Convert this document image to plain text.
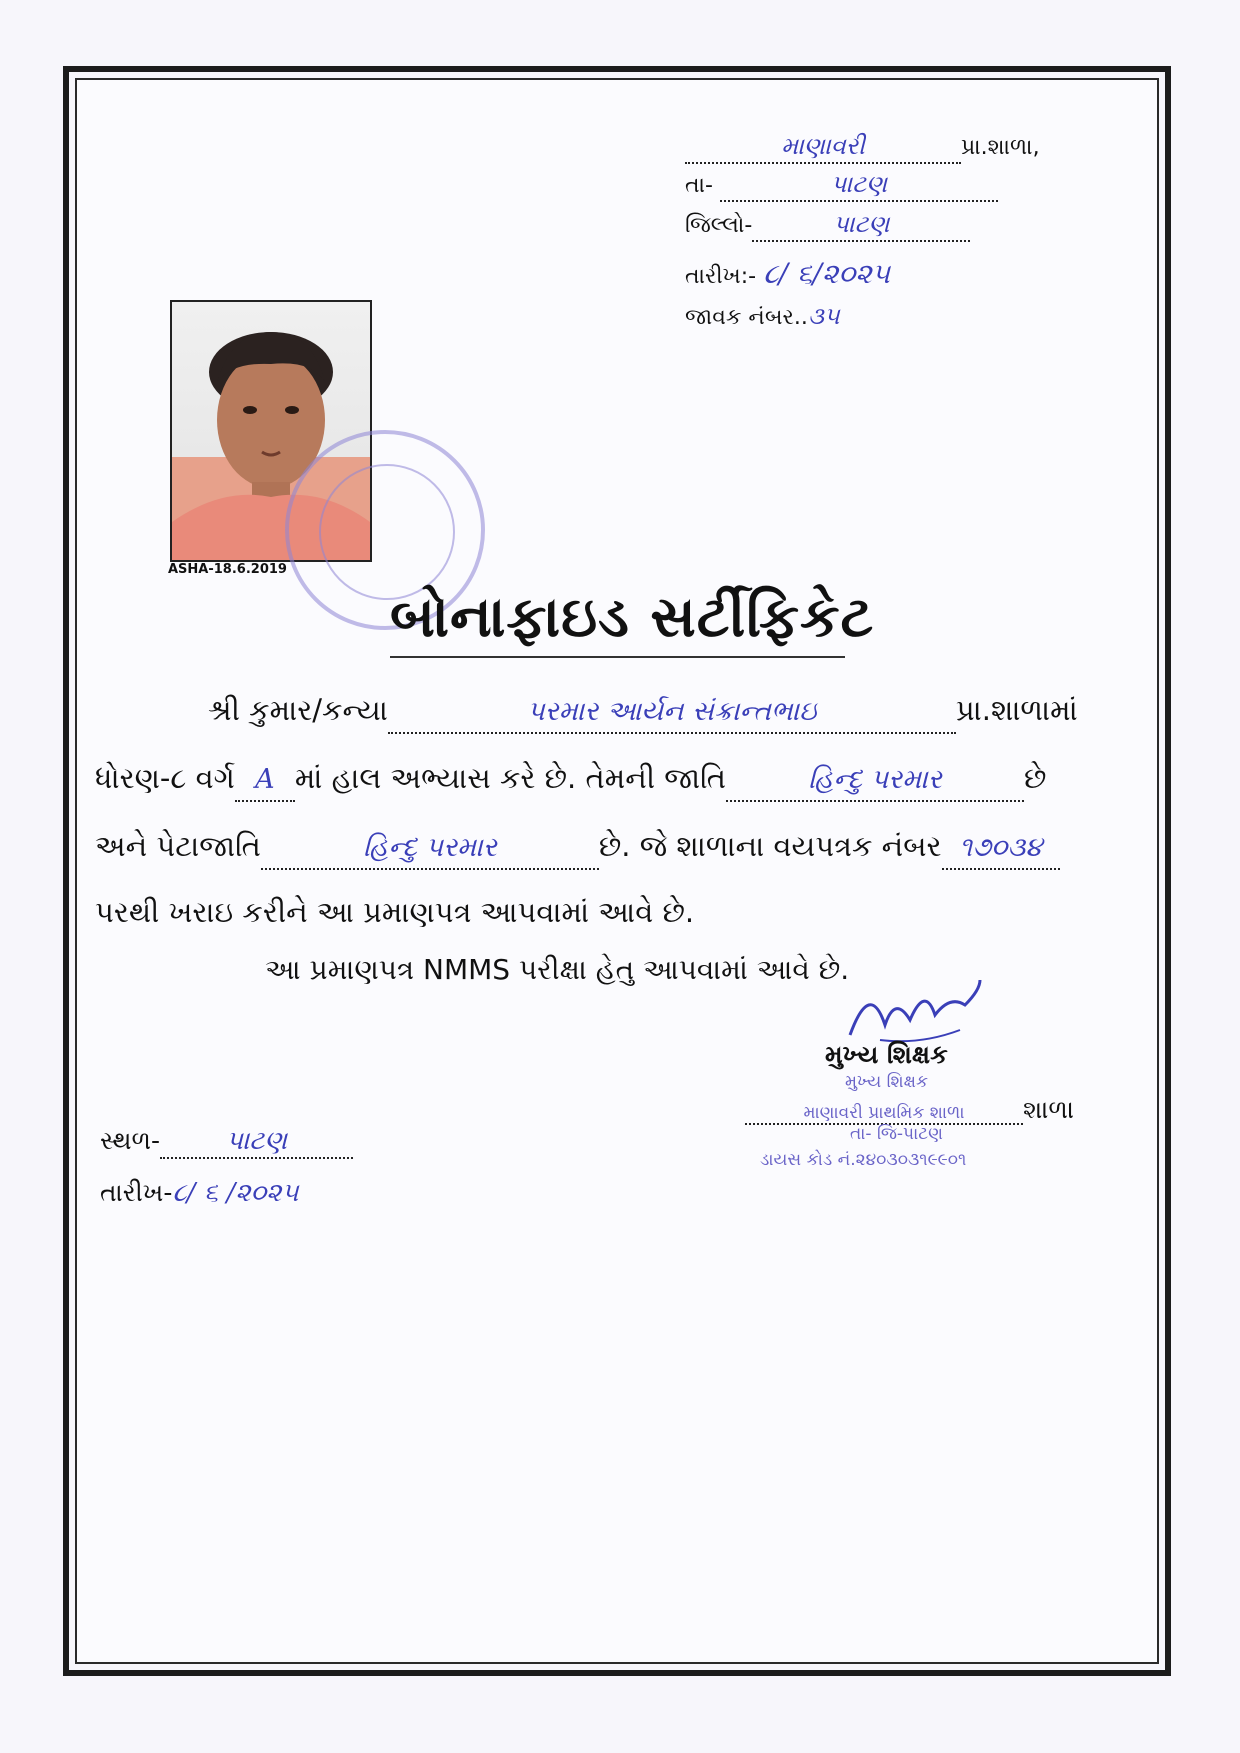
માણાવરી	પ્રા.શાળા,
તા-	પાટણ
જિલ્લો-	પાટણ
તારીખ:- ૮/ ૬/૨૦૨૫
જાવક નંબર..૩૫
ASHA-18.6.2019
બોનાફાઇડ સર્ટીફિકેટ
શ્રી કુમાર/કન્યા	પરમાર આર્યન સંક્રાન્તભાઇ	પ્રા.શાળામાં
ધોરણ-૮ વર્ગ A માં હાલ અભ્યાસ કરે છે. તેમની જાતિ	હિન્દુ પરમાર	છે
અને પેટાજાતિ	હિન્દુ પરમાર	છે. જે શાળાના વયપત્રક નંબર ૧૭૦૩૪
પરથી ખરાઇ કરીને આ પ્રમાણપત્ર આપવામાં આવે છે.
આ પ્રમાણપત્ર NMMS પરીક્ષા હેતુ આપવામાં આવે છે.
મુખ્ય શિક્ષક
મુખ્ય શિક્ષક
માણાવરી પ્રાથમિક શાળા શાળા
તા- જિ-પાટણ
ડાયસ કોડ નં.૨૪૦૩૦૩૧૯૯૦૧
સ્થળ-	પાટણ
તારીખ-૮/ ૬ /૨૦૨૫
